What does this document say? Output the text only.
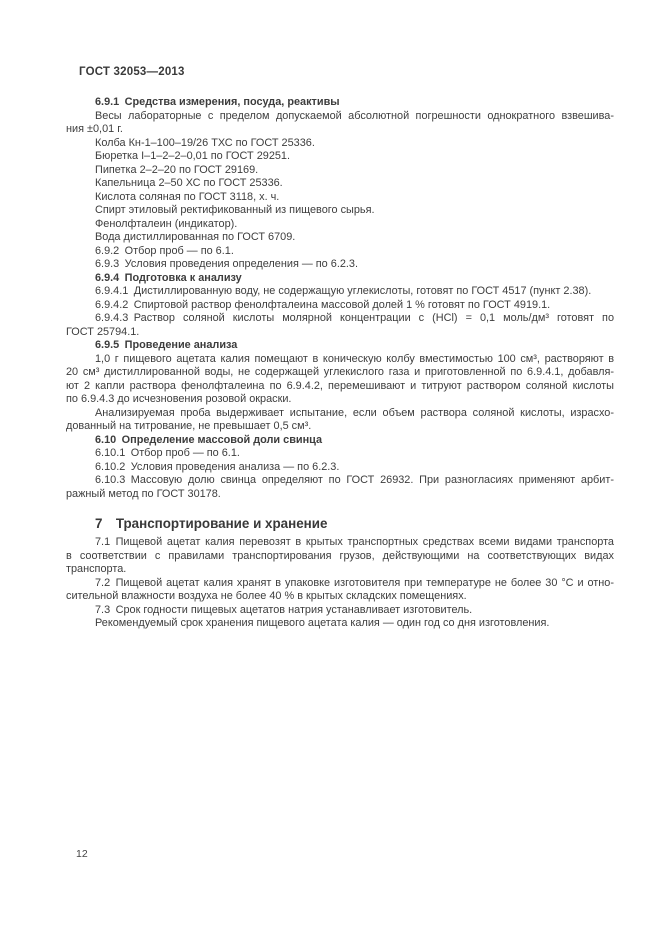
ГОСТ 32053—2013
6.9.1 Средства измерения, посуда, реактивы
Весы лабораторные с пределом допускаемой абсолютной погрешности однократного взвешива-
ния ±0,01 г.
Колба Кн-1–100–19/26 ТХС по ГОСТ 25336.
Бюретка I–1–2–2–0,01 по ГОСТ 29251.
Пипетка 2–2–20 по ГОСТ 29169.
Капельница 2–50 ХС по ГОСТ 25336.
Кислота соляная по ГОСТ 3118, х. ч.
Спирт этиловый ректификованный из пищевого сырья.
Фенолфталеин (индикатор).
Вода дистиллированная по ГОСТ 6709.
6.9.2 Отбор проб — по 6.1.
6.9.3 Условия проведения определения — по 6.2.3.
6.9.4 Подготовка к анализу
6.9.4.1 Дистиллированную воду, не содержащую углекислоты, готовят по ГОСТ 4517 (пункт 2.38).
6.9.4.2 Спиртовой раствор фенолфталеина массовой долей 1 % готовят по ГОСТ 4919.1.
6.9.4.3 Раствор соляной кислоты молярной концентрации с (HCl) = 0,1 моль/дм³ готовят по
ГОСТ 25794.1.
6.9.5 Проведение анализа
1,0 г пищевого ацетата калия помещают в коническую колбу вместимостью 100 см³, растворяют в
20 см³ дистиллированной воды, не содержащей углекислого газа и приготовленной по 6.9.4.1, добавля-
ют 2 капли раствора фенолфталеина по 6.9.4.2, перемешивают и титруют раствором соляной кислоты
по 6.9.4.3 до исчезновения розовой окраски.
Анализируемая проба выдерживает испытание, если объем раствора соляной кислоты, израсхо-
дованный на титрование, не превышает 0,5 см³.
6.10 Определение массовой доли свинца
6.10.1 Отбор проб — по 6.1.
6.10.2 Условия проведения анализа — по 6.2.3.
6.10.3 Массовую долю свинца определяют по ГОСТ 26932. При разногласиях применяют арбит-
ражный метод по ГОСТ 30178.
7  Транспортирование и хранение
7.1 Пищевой ацетат калия перевозят в крытых транспортных средствах всеми видами транспорта
в соответствии с правилами транспортирования грузов, действующими на соответствующих видах
транспорта.
7.2 Пищевой ацетат калия хранят в упаковке изготовителя при температуре не более 30 °С и отно-
сительной влажности воздуха не более 40 % в крытых складских помещениях.
7.3 Срок годности пищевых ацетатов натрия устанавливает изготовитель.
Рекомендуемый срок хранения пищевого ацетата калия — один год со дня изготовления.
12
